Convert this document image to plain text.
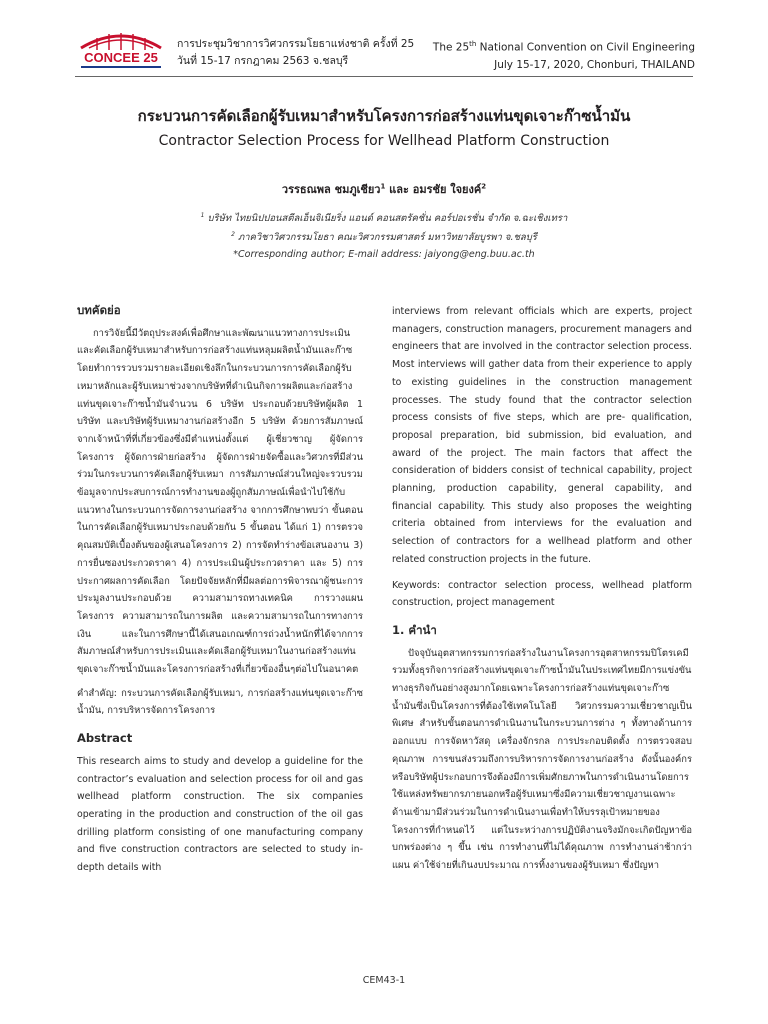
CONCEE 25
การประชุมวิชาการวิศวกรรมโยธาแห่งชาติ ครั้งที่ 25
วันที่ 15-17 กรกฎาคม 2563 จ.ชลบุรี
The 25th National Convention on Civil Engineering
July 15-17, 2020, Chonburi, THAILAND
กระบวนการคัดเลือกผู้รับเหมาสำหรับโครงการก่อสร้างแท่นขุดเจาะก๊าซน้ำมัน
Contractor Selection Process for Wellhead Platform Construction
วรรธณพล ชมภูเชียว$^1$ และ อมรชัย ใจยงค์$^2$
$^1$ บริษัท ไทยนิปปอนสตีลเอ็นจิเนียริ่ง แอนด์ คอนสตรัคชั่น คอร์ปอเรชั่น จำกัด จ.ฉะเชิงเทรา
$^2$ ภาควิชาวิศวกรรมโยธา คณะวิศวกรรมศาสตร์ มหาวิทยาลัยบูรพา จ.ชลบุรี
*Corresponding author; E-mail address: jaiyong@eng.buu.ac.th
บทคัดย่อ

การวิจัยนี้มีวัตถุประสงค์เพื่อศึกษาและพัฒนาแนวทางการประเมินและคัดเลือกผู้รับเหมาสำหรับการก่อสร้างแท่นหลุมผลิตน้ำมันและก๊าซโดยทำการรวบรวมรายละเอียดเชิงลึกในกระบวนการการคัดเลือกผู้รับเหมาหลักและผู้รับเหมาช่วงจากบริษัทที่ดำเนินกิจการผลิตและก่อสร้างแท่นขุดเจาะก๊าซน้ำมันจำนวน 6 บริษัท ประกอบด้วยบริษัทผู้ผลิต 1 บริษัท และบริษัทผู้รับเหมางานก่อสร้างอีก 5 บริษัท ด้วยการสัมภาษณ์จากเจ้าหน้าที่ที่เกี่ยวข้องซึ่งมีตำแหน่งตั้งแต่ ผู้เชี่ยวชาญ ผู้จัดการโครงการ ผู้จัดการฝ่ายก่อสร้าง ผู้จัดการฝ่ายจัดซื้อและวิศวกรที่มีส่วนร่วมในกระบวนการคัดเลือกผู้รับเหมา การสัมภาษณ์ส่วนใหญ่จะรวบรวมข้อมูลจากประสบการณ์การทำงานของผู้ถูกสัมภาษณ์เพื่อนำไปใช้กับแนวทางในกระบวนการจัดการงานก่อสร้าง จากการศึกษาพบว่า ขั้นตอนในการคัดเลือกผู้รับเหมาประกอบด้วยกัน 5 ขั้นตอน ได้แก่ 1) การตรวจคุณสมบัติเบื้องต้นของผู้เสนอโครงการ 2) การจัดทำร่างข้อเสนองาน 3) การยื่นซองประกวดราคา 4) การประเมินผู้ประกวดราคา และ 5) การประกาศผลการคัดเลือก โดยปัจจัยหลักที่มีผลต่อการพิจารณาผู้ชนะการประมูลงานประกอบด้วย ความสามารถทางเทคนิค การวางแผนโครงการ ความสามารถในการผลิต และความสามารถในการทางการเงิน และในการศึกษานี้ได้เสนอเกณฑ์การถ่วงน้ำหนักที่ได้จากการสัมภาษณ์สำหรับการประเมินและคัดเลือกผู้รับเหมาในงานก่อสร้างแท่นขุดเจาะก๊าซน้ำมันและโครงการก่อสร้างที่เกี่ยวข้องอื่นๆต่อไปในอนาคต

คำสำคัญ: กระบวนการคัดเลือกผู้รับเหมา, การก่อสร้างแท่นขุดเจาะก๊าซน้ำมัน, การบริหารจัดการโครงการ

Abstract

This research aims to study and develop a guideline for the contractor’s evaluation and selection process for oil and gas wellhead platform construction. The six companies operating in the production and construction of the oil gas drilling platform consisting of one manufacturing company and five construction contractors are selected to study in- depth details with

interviews from relevant officials which are experts, project managers, construction managers, procurement managers and engineers that are involved in the contractor selection process. Most interviews will gather data from their experience to apply to existing guidelines in the construction management processes. The study found that the contractor selection process consists of five steps, which are pre- qualification, proposal preparation, bid submission, bid evaluation, and award of the project. The main factors that affect the consideration of bidders consist of technical capability, project planning, production capability, general capability, and financial capability. This study also proposes the weighting criteria obtained from interviews for the evaluation and selection of contractors for a wellhead platform and other related construction projects in the future.

Keywords: contractor selection process, wellhead platform construction, project management

1. คำนำ

ปัจจุบันอุตสาหกรรมการก่อสร้างในงานโครงการอุตสาหกรรมปิโตรเคมีรวมทั้งธุรกิจการก่อสร้างแท่นขุดเจาะก๊าซน้ำมันในประเทศไทยมีการแข่งขันทางธุรกิจกันอย่างสูงมากโดยเฉพาะโครงการก่อสร้างแท่นขุดเจาะก๊าซน้ำมันซึ่งเป็นโครงการที่ต้องใช้เทคโนโลยี วิศวกรรมความเชี่ยวชาญเป็นพิเศษ สำหรับขั้นตอนการดำเนินงานในกระบวนการต่าง ๆ ทั้งทางด้านการออกแบบ การจัดหาวัสดุ เครื่องจักรกล การประกอบติดตั้ง การตรวจสอบคุณภาพ การขนส่งรวมถึงการบริหารการจัดการงานก่อสร้าง ดังนั้นองค์กรหรือบริษัทผู้ประกอบการจึงต้องมีการเพิ่มศักยภาพในการดำเนินงานโดยการใช้แหล่งทรัพยากรภายนอกหรือผู้รับเหมาซึ่งมีความเชี่ยวชาญงานเฉพาะด้านเข้ามามีส่วนร่วมในการดำเนินงานเพื่อทำให้บรรลุเป้าหมายของโครงการที่กำหนดไว้ แต่ในระหว่างการปฏิบัติงานจริงมักจะเกิดปัญหาข้อบกพร่องต่าง ๆ ขึ้น เช่น การทำงานที่ไม่ได้คุณภาพ การทำงานล่าช้ากว่าแผน ค่าใช้จ่ายที่เกินงบประมาณ การทิ้งงานของผู้รับเหมา ซึ่งปัญหา

CEM43-1
